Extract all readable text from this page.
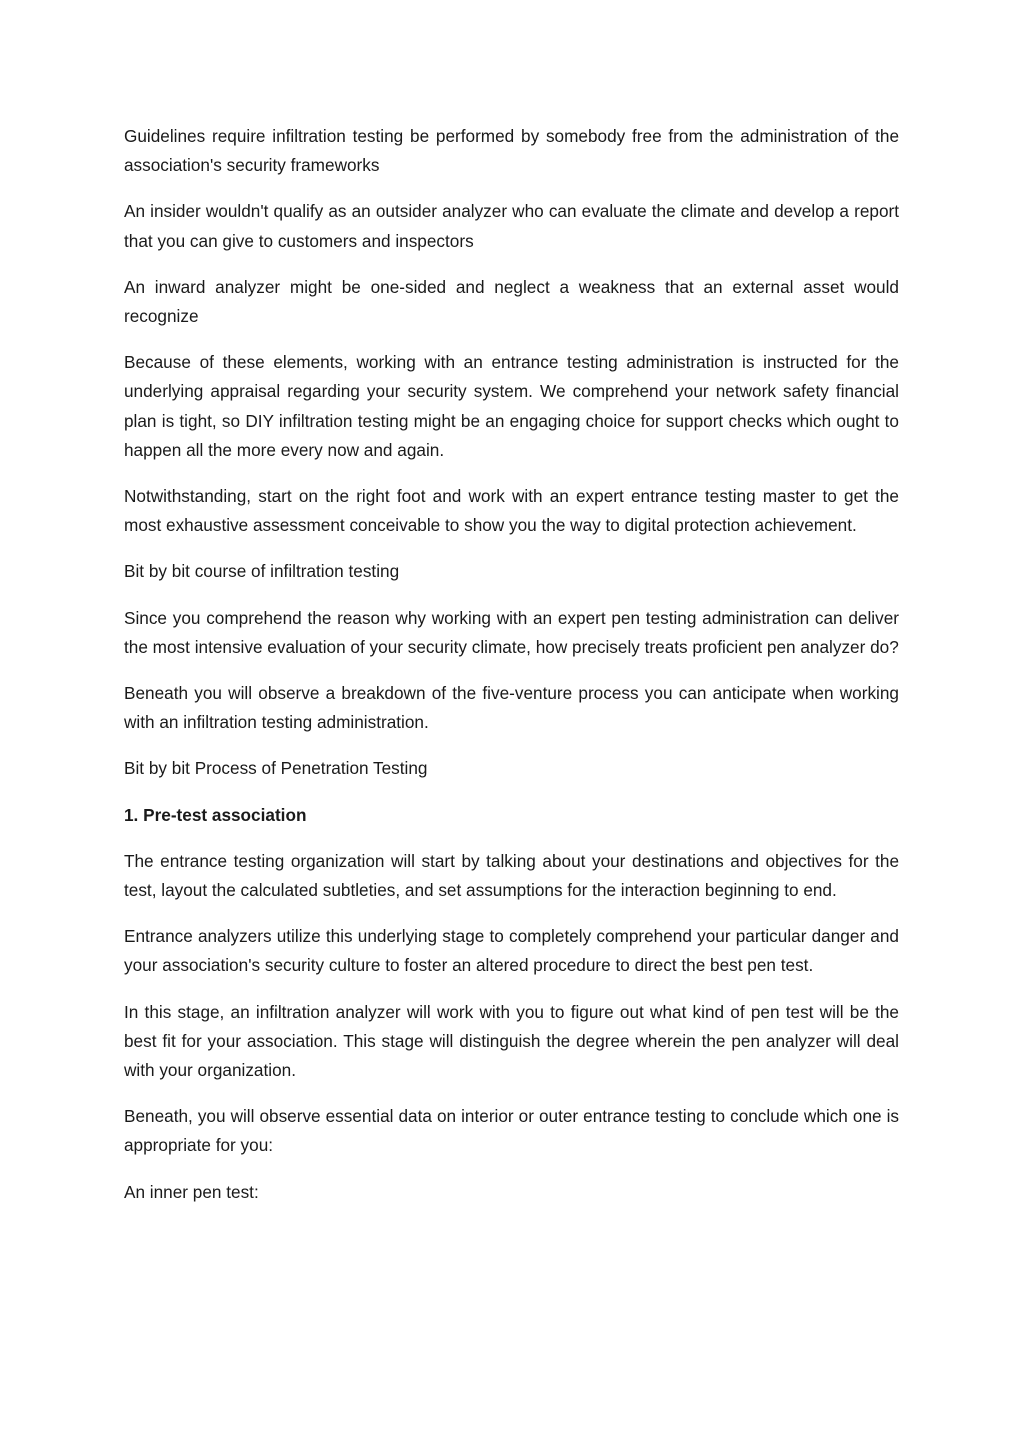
Guidelines require infiltration testing be performed by somebody free from the administration of the association's security frameworks

An insider wouldn't qualify as an outsider analyzer who can evaluate the climate and develop a report that you can give to customers and inspectors

An inward analyzer might be one-sided and neglect a weakness that an external asset would recognize

Because of these elements, working with an entrance testing administration is instructed for the underlying appraisal regarding your security system. We comprehend your network safety financial plan is tight, so DIY infiltration testing might be an engaging choice for support checks which ought to happen all the more every now and again.

Notwithstanding, start on the right foot and work with an expert entrance testing master to get the most exhaustive assessment conceivable to show you the way to digital protection achievement.

Bit by bit course of infiltration testing

Since you comprehend the reason why working with an expert pen testing administration can deliver the most intensive evaluation of your security climate, how precisely treats proficient pen analyzer do?

Beneath you will observe a breakdown of the five-venture process you can anticipate when working with an infiltration testing administration.

Bit by bit Process of Penetration Testing

1. Pre-test association

The entrance testing organization will start by talking about your destinations and objectives for the test, layout the calculated subtleties, and set assumptions for the interaction beginning to end.

Entrance analyzers utilize this underlying stage to completely comprehend your particular danger and your association's security culture to foster an altered procedure to direct the best pen test.

In this stage, an infiltration analyzer will work with you to figure out what kind of pen test will be the best fit for your association. This stage will distinguish the degree wherein the pen analyzer will deal with your organization.

Beneath, you will observe essential data on interior or outer entrance testing to conclude which one is appropriate for you:

An inner pen test:
